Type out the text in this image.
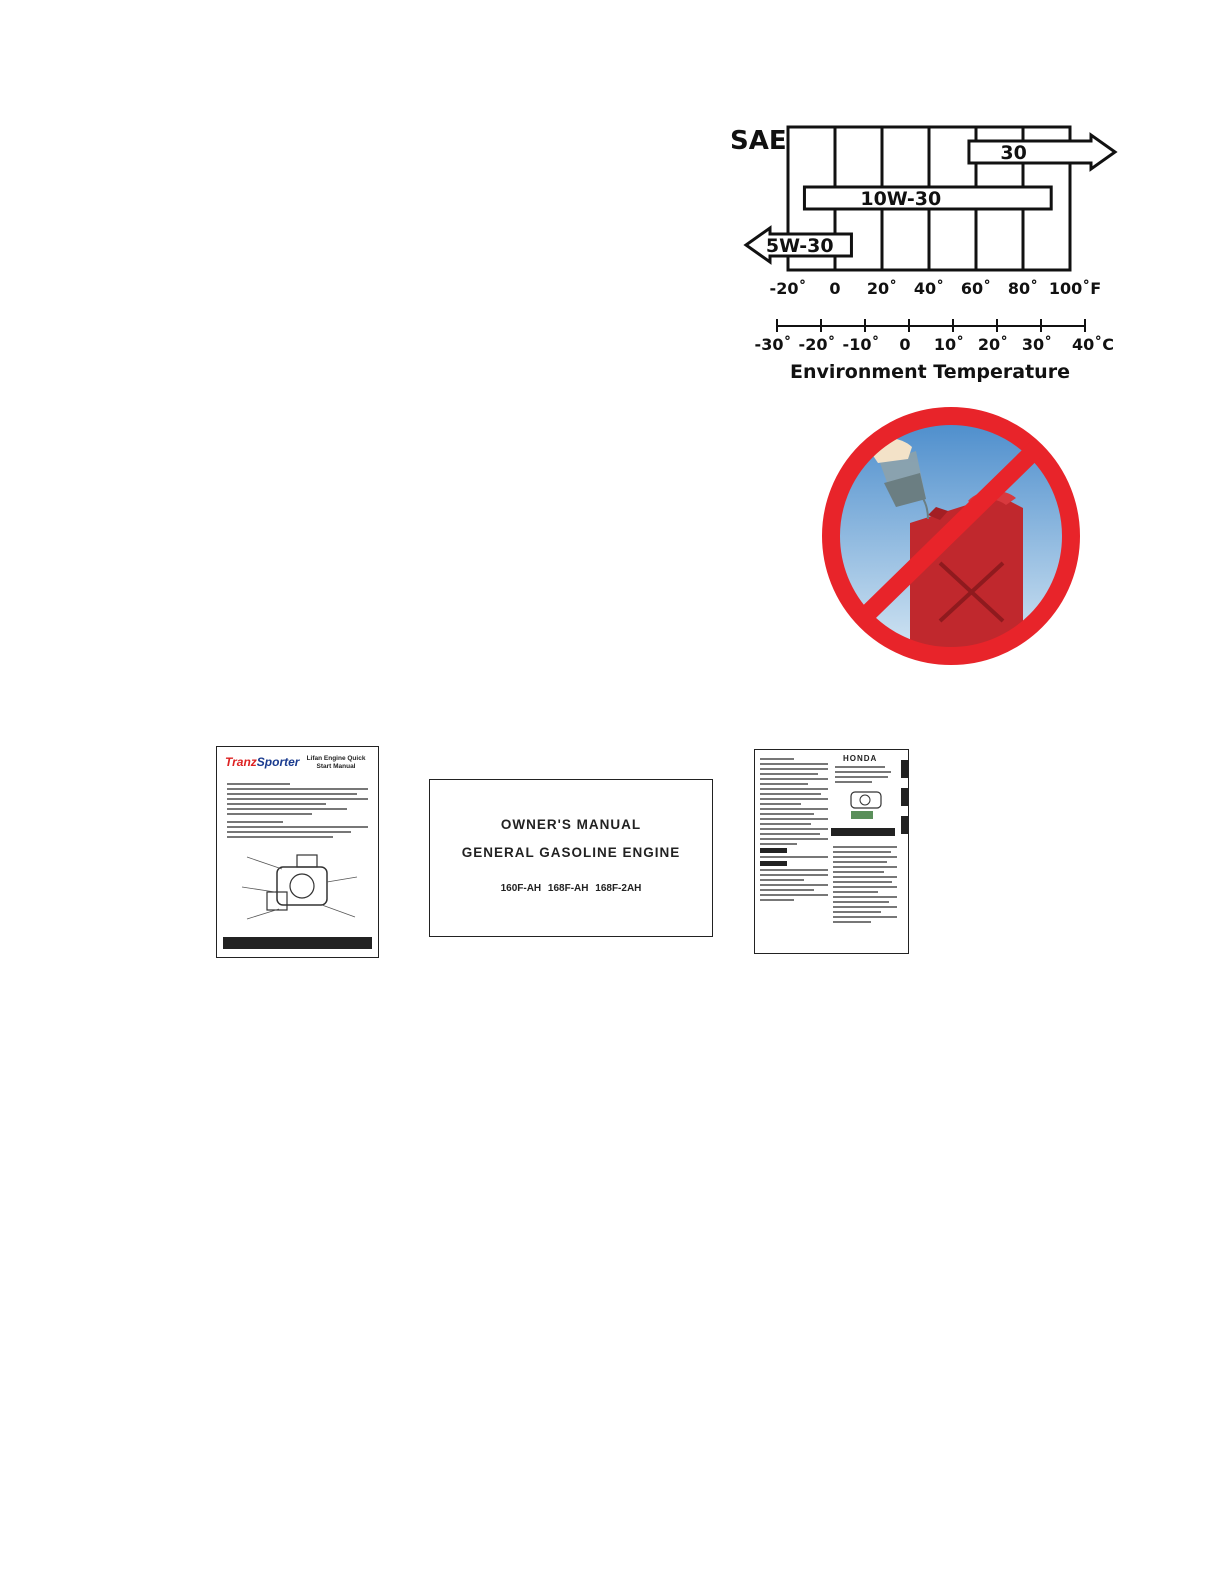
SAE	30
10W-30
5W-30
-20˚ 0 20˚ 40˚ 60˚ 80˚ 100˚F
-30˚ -20˚ -10˚ 0 10˚ 20˚ 30˚ 40˚C
Environment Temperature
TranzSporter Lifan Engine Quick Start Manual
OWNER'S MANUAL
GENERAL GASOLINE ENGINE
160F-AH 168F-AH 168F-2AH
HONDA
